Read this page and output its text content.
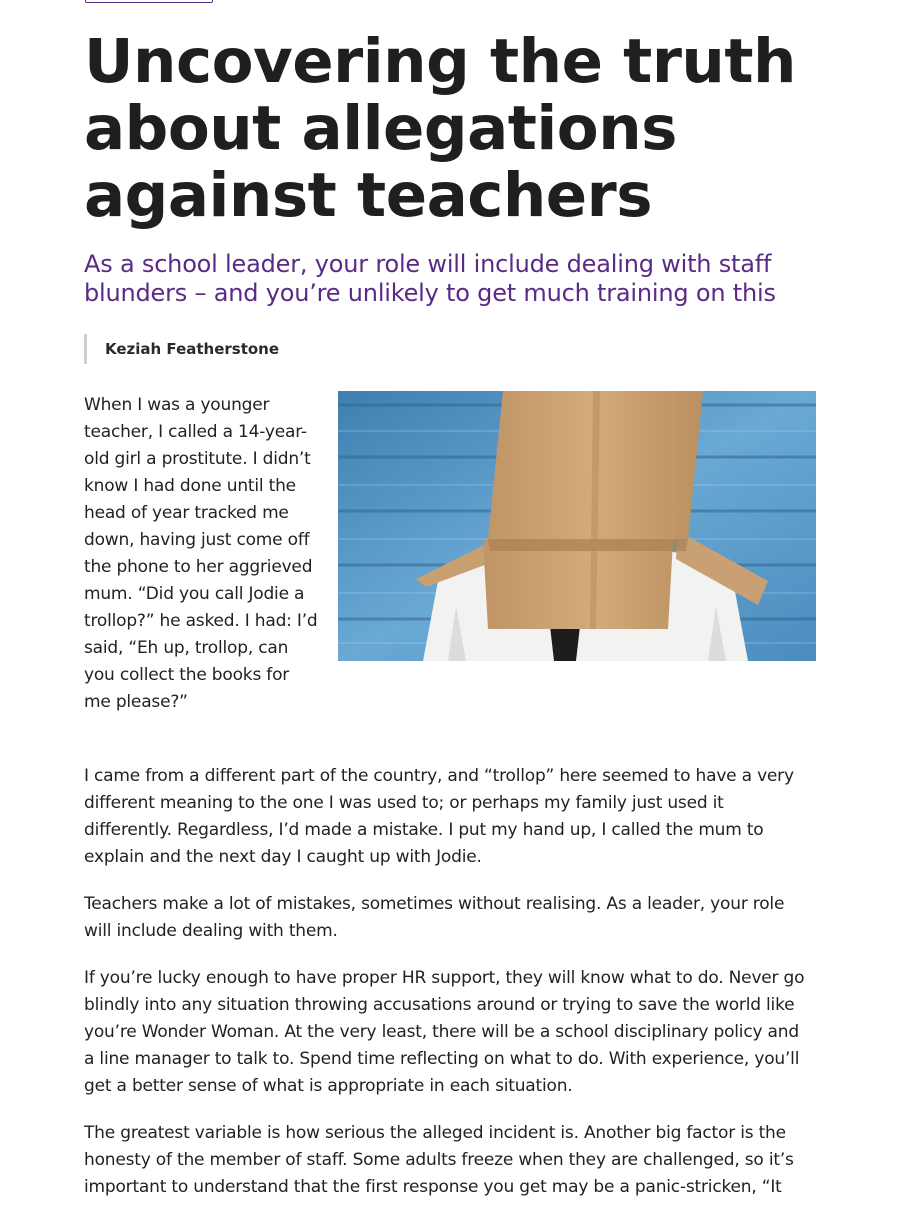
Uncovering the truth about allegations against teachers

As a school leader, your role will include dealing with staff blunders – and you’re unlikely to get much training on this

Keziah Featherstone

When I was a younger teacher, I called a 14-year-old girl a prostitute. I didn’t know I had done until the head of year tracked me down, having just come off the phone to her aggrieved mum. “Did you call Jodie a trollop?” he asked. I had: I’d said, “Eh up, trollop, can you collect the books for me please?”

I came from a different part of the country, and “trollop” here seemed to have a very different meaning to the one I was used to; or perhaps my family just used it differently. Regardless, I’d made a mistake. I put my hand up, I called the mum to explain and the next day I caught up with Jodie.

Teachers make a lot of mistakes, sometimes without realising. As a leader, your role will include dealing with them.

If you’re lucky enough to have proper HR support, they will know what to do. Never go blindly into any situation throwing accusations around or trying to save the world like you’re Wonder Woman. At the very least, there will be a school disciplinary policy and a line manager to talk to. Spend time reflecting on what to do. With experience, you’ll get a better sense of what is appropriate in each situation.

The greatest variable is how serious the alleged incident is. Another big factor is the honesty of the member of staff. Some adults freeze when they are challenged, so it’s important to understand that the first response you get may be a panic-stricken, “It
